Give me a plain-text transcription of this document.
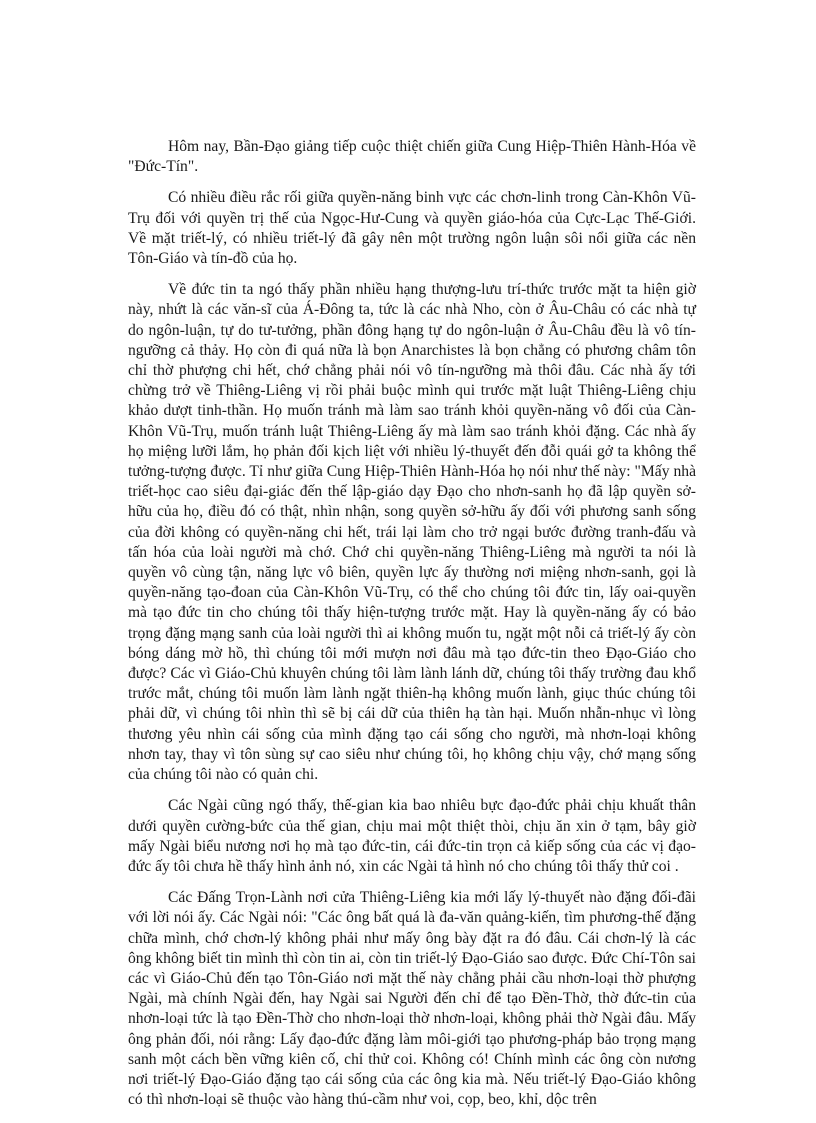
Hôm nay, Bần-Đạo giảng tiếp cuộc thiệt chiến giữa Cung Hiệp-Thiên Hành-Hóa về "Đức-Tín".

Có nhiều điều rắc rối giữa quyền-năng binh vực các chơn-linh trong Càn-Khôn Vũ-Trụ đối với quyền trị thế của Ngọc-Hư-Cung và quyền giáo-hóa của Cực-Lạc Thế-Giới. Về mặt triết-lý, có nhiều triết-lý đã gây nên một trường ngôn luận sôi nổi giữa các nền Tôn-Giáo và tín-đồ của họ.

Về đức tin ta ngó thấy phần nhiều hạng thượng-lưu trí-thức trước mặt ta hiện giờ này, nhứt là các văn-sĩ của Á-Đông ta, tức là các nhà Nho, còn ở Âu-Châu có các nhà tự do ngôn-luận, tự do tư-tưởng, phần đông hạng tự do ngôn-luận ở Âu-Châu đều là vô tín-ngưỡng cả thảy. Họ còn đi quá nữa là bọn Anarchistes là bọn chẳng có phương châm tôn chỉ thờ phượng chi hết, chớ chẳng phải nói vô tín-ngưỡng mà thôi đâu. Các nhà ấy tới chừng trở về Thiêng-Liêng vị rồi phải buộc mình qui trước mặt luật Thiêng-Liêng chịu khảo dượt tinh-thần. Họ muốn tránh mà làm sao tránh khỏi quyền-năng vô đối của Càn-Khôn Vũ-Trụ, muốn tránh luật Thiêng-Liêng ấy mà làm sao tránh khỏi đặng. Các nhà ấy họ miệng lưỡi lắm, họ phản đối kịch liệt với nhiều lý-thuyết đến đỗi quái gở ta không thể tưởng-tượng được. Tỉ như giữa Cung Hiệp-Thiên Hành-Hóa họ nói như thế này: "Mấy nhà triết-học cao siêu đại-giác đến thế lập-giáo dạy Đạo cho nhơn-sanh họ đã lập quyền sở-hữu của họ, điều đó có thật, nhìn nhận, song quyền sở-hữu ấy đối với phương sanh sống của đời không có quyền-năng chi hết, trái lại làm cho trở ngại bước đường tranh-đấu và tấn hóa của loài người mà chớ. Chớ chi quyền-năng Thiêng-Liêng mà người ta nói là quyền vô cùng tận, năng lực vô biên, quyền lực ấy thường nơi miệng nhơn-sanh, gọi là quyền-năng tạo-đoan của Càn-Khôn Vũ-Trụ, có thể cho chúng tôi đức tin, lấy oai-quyền mà tạo đức tin cho chúng tôi thấy hiện-tượng trước mặt. Hay là quyền-năng ấy có bảo trọng đặng mạng sanh của loài người thì ai không muốn tu, ngặt một nỗi cả triết-lý ấy còn bóng dáng mờ hồ, thì chúng tôi mới mượn nơi đâu mà tạo đức-tin theo Đạo-Giáo cho được? Các vì Giáo-Chủ khuyên chúng tôi làm lành lánh dữ, chúng tôi thấy trường đau khổ trước mắt, chúng tôi muốn làm lành ngặt thiên-hạ không muốn lành, giục thúc chúng tôi phải dữ, vì chúng tôi nhìn thì sẽ bị cái dữ của thiên hạ tàn hại. Muốn nhẫn-nhục vì lòng thương yêu nhìn cái sống của mình đặng tạo cái sống cho người, mà nhơn-loại không nhơn tay, thay vì tôn sùng sự cao siêu như chúng tôi, họ không chịu vậy, chớ mạng sống của chúng tôi nào có quản chi.

Các Ngài cũng ngó thấy, thế-gian kia bao nhiêu bực đạo-đức phải chịu khuất thân dưới quyền cường-bức của thế gian, chịu mai một thiệt thòi, chịu ăn xin ở tạm, bây giờ mấy Ngài biểu nương nơi họ mà tạo đức-tin, cái đức-tin trọn cả kiếp sống của các vị đạo-đức ấy tôi chưa hề thấy hình ảnh nó, xin các Ngài tả hình nó cho chúng tôi thấy thử coi .

Các Đấng Trọn-Lành nơi cửa Thiêng-Liêng kia mới lấy lý-thuyết nào đặng đối-đãi với lời nói ấy. Các Ngài nói: "Các ông bất quá là đa-văn quảng-kiến, tìm phương-thế đặng chữa mình, chớ chơn-lý không phải như mấy ông bày đặt ra đó đâu. Cái chơn-lý là các ông không biết tin mình thì còn tin ai, còn tin triết-lý Đạo-Giáo sao được. Đức Chí-Tôn sai các vì Giáo-Chủ đến tạo Tôn-Giáo nơi mặt thế này chẳng phải cầu nhơn-loại thờ phượng Ngài, mà chính Ngài đến, hay Ngài sai Người đến chỉ để tạo Đền-Thờ, thờ đức-tin của nhơn-loại tức là tạo Đền-Thờ cho nhơn-loại thờ nhơn-loại, không phải thờ Ngài đâu. Mấy ông phản đối, nói rằng: Lấy đạo-đức đặng làm môi-giới tạo phương-pháp bảo trọng mạng sanh một cách bền vững kiên cố, chỉ thử coi. Không có! Chính mình các ông còn nương nơi triết-lý Đạo-Giáo đặng tạo cái sống của các ông kia mà. Nếu triết-lý Đạo-Giáo không có thì nhơn-loại sẽ thuộc vào hàng thú-cầm như voi, cọp, beo, khỉ, dộc trên
